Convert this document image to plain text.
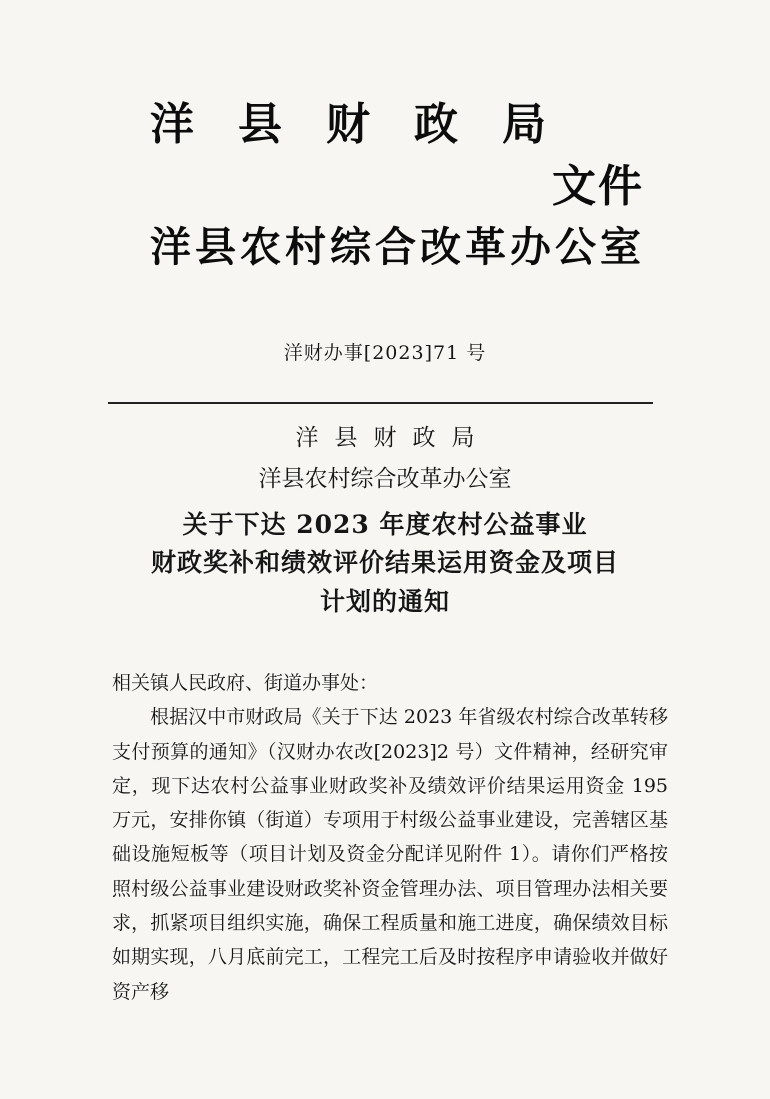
洋县财政局
文件
洋县农村综合改革办公室
洋财办事[2023]71 号
洋县财政局
洋县农村综合改革办公室
关于下达 2023 年度农村公益事业
财政奖补和绩效评价结果运用资金及项目
计划的通知

相关镇人民政府、街道办事处：

根据汉中市财政局《关于下达 2023 年省级农村综合改革转移支付预算的通知》（汉财办农改[2023]2 号）文件精神，经研究审定，现下达农村公益事业财政奖补及绩效评价结果运用资金 195 万元，安排你镇（街道）专项用于村级公益事业建设，完善辖区基础设施短板等（项目计划及资金分配详见附件 1）。请你们严格按照村级公益事业建设财政奖补资金管理办法、项目管理办法相关要求，抓紧项目组织实施，确保工程质量和施工进度，确保绩效目标如期实现，八月底前完工，工程完工后及时按程序申请验收并做好资产移
